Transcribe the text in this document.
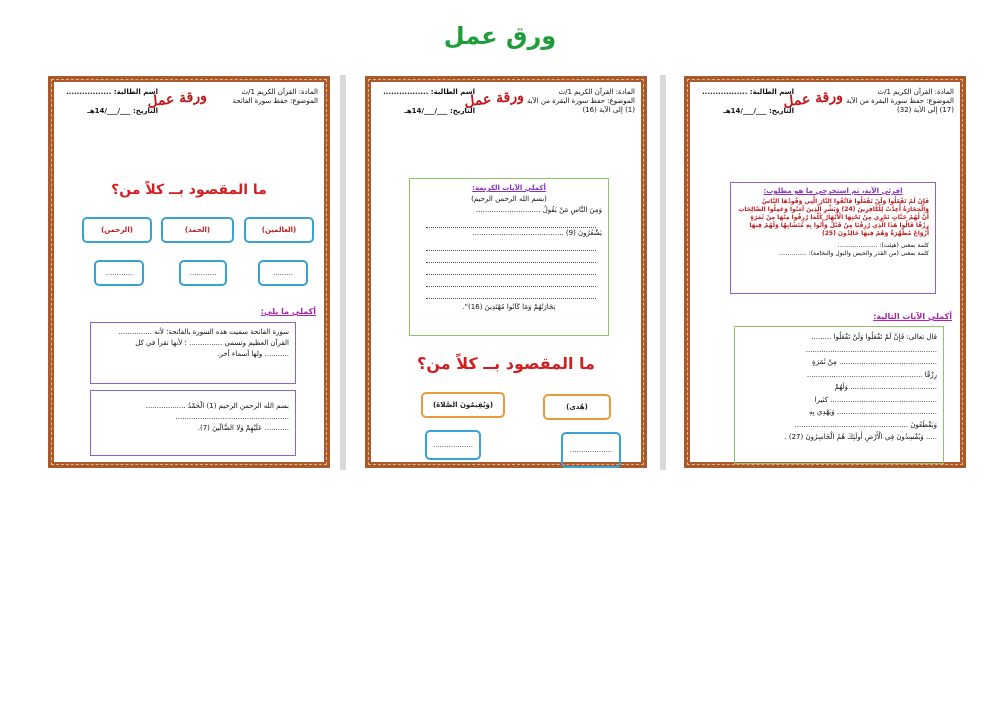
ورق عمل
المادة: القرآن الكريم 1/ث
الموضوع: حفظ سورة الفاتحة
ورقة عمل
اسم الطالبة: .................
التاريخ: ___/___/14هـ
ما المقصود بــ كلاً من؟
(العالمين)
(الحمد)
(الرحمن)
.........
............
............
أكملي ما يلي:
سورة الفاتحة سميت هذه السورة بالفاتحة؛ لأنه ...............
القرآن العظيم وتسمى ............... ؛ لأنها تقرأ في كل
........... ولها أسماء أخر.
بسم الله الرحمن الرحيم (1) الْحَمْدُ ..................
...................................................
........... عَلَيْهِمْ وَلا الضَّالِّينَ (7).
المادة: القرآن الكريم 1/ث
الموضوع: حفظ سورة البقرة من الآية (1) إلى الآية (16)
ورقة عمل
اسم الطالبة: .................
التاريخ: ___/___/14هـ
أكملي الآيات الكريمة:
(بسم الله الرحمن الرحيم)
وَمِنَ النَّاسِ مَنْ يَقُولُ .............................
يَشْعُرُونَ (9) .........................................
تِجَارَتُهُمْ وَمَا كَانُوا مُهْتَدِينَ (16)".
ما المقصود بــ كلاً من؟
(وَيُقِيمُونَ الصَّلاةَ)	(هُدى)
..................
...................
المادة: القرآن الكريم 1/ث
الموضوع: حفظ سورة البقرة من الآية (17) إلى الآية (32)
ورقة عمل
اسم الطالبة: .................
التاريخ: ___/___/14هـ
اقرئي الآية، ثم استخرجي ما هو مطلوب:
فَإِنْ لَمْ تَفْعَلُوا وَلَنْ تَفْعَلُوا فَاتَّقُوا النَّارَ الَّتِي وَقُودُهَا النَّاسُ وَالْحِجَارَةُ أُعِدَّتْ لِلْكَافِرِينَ (24) وَبَشِّرِ الَّذِينَ آمَنُوا وَعَمِلُوا الصَّالِحَاتِ أَنَّ لَهُمْ جَنَّاتٍ تَجْرِي مِنْ تَحْتِهَا الْأَنْهَارُ كُلَّمَا رُزِقُوا مِنْهَا مِنْ ثَمَرَةٍ رِزْقًا قَالُوا هَذَا الَّذِي رُزِقْنَا مِنْ قَبْلُ وَأُتُوا بِهِ مُتَشَابِهًا وَلَهُمْ فِيهَا أَزْوَاجٌ مُطَهَّرَةٌ وَهُمْ فِيهَا خَالِدُونَ (25)
كلمة بمعنى (هيئت): .....................
كلمة بمعنى (من القذر والحيض والبول والنخامة): ...............
أكملي الآيات التالية:
قال تعالى: فَإِنْ لَمْ تَفْعَلُوا وَلَنْ تَفْعَلُوا .........
...........................................................
............................................ مِنْ ثَمَرَةٍ
رِزْقًا ....................................................
....................................... وَلَهُمْ
................................................ كثيرا
............................................. وَيَهْدِي بِهِ
وَيَقْطَعُونَ ...................................................
..... وَيُفْسِدُونَ فِي الْأَرْضِ أُولَئِكَ هُمُ الْخَاسِرُونَ (27) .
